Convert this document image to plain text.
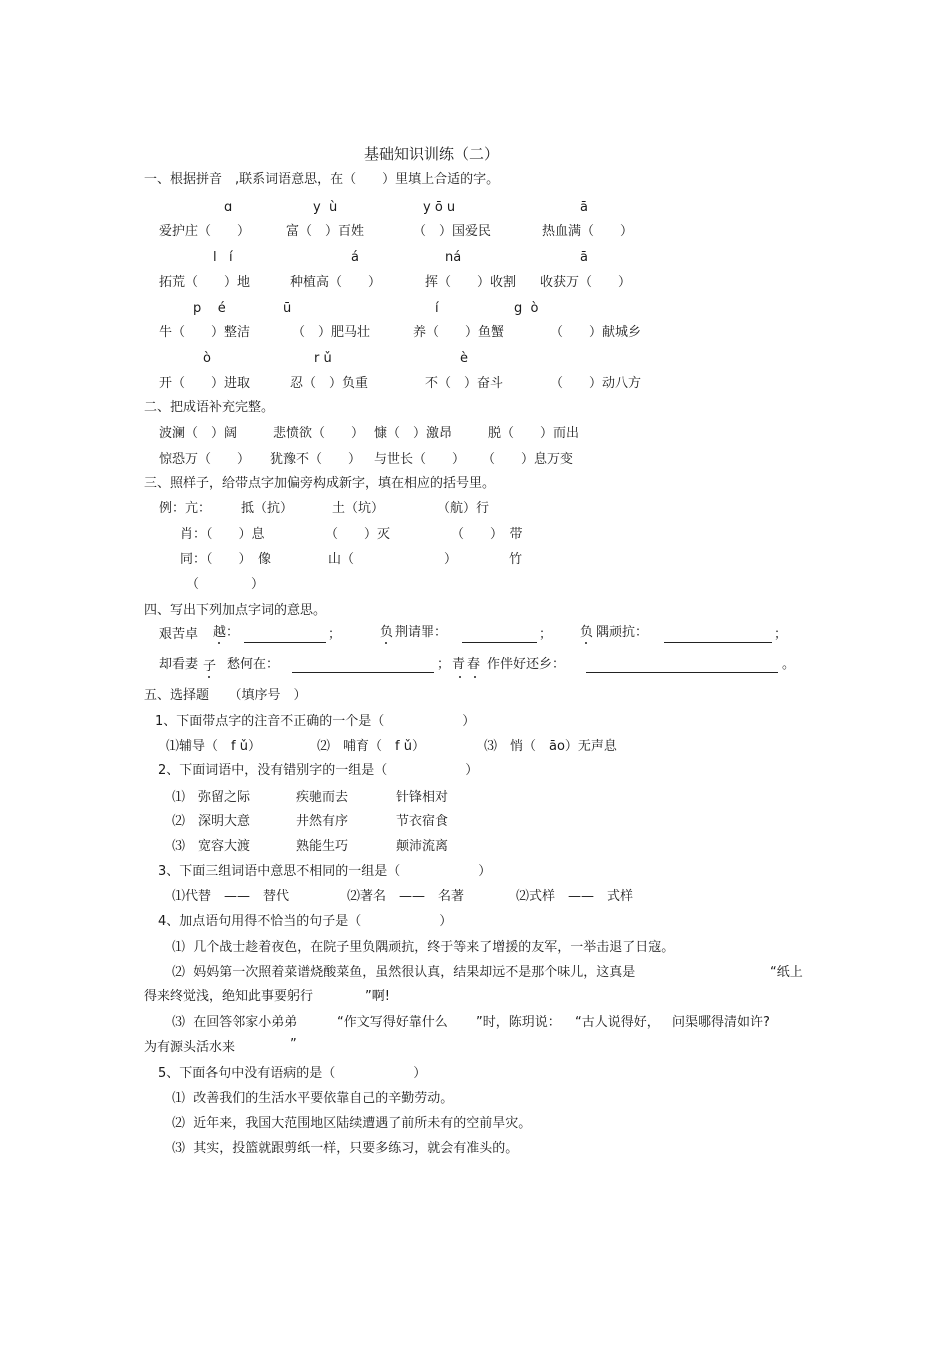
基础知识训练（二）
一、根据拼音　,联系词语意思，在（　　）里填上合适的字。
ɑ	y  ù	y ō u	ā
爱护庄（　　）	富（　）百姓	（　）国爱民	热血满（　　）
l   í	á	ná	ā
拓荒（　　）地	种植高（　　）	挥（　　）收割 收获万（　　）
p    é	ū	í	g  ò
牛（　　）整洁	（　）肥马壮	养（　　）鱼蟹	（　　）献城乡
ò	r ǔ	è
开（　　）进取	忍（　）负重	不（　）奋斗	（　　）动八方
二、把成语补充完整。
波澜（　）阔	悲愤欲（　　） 慷（　）激昂	脱（　　）而出
惊恐万（　　） 犹豫不（　　） 与世长（　　） （　　）息万变
三、照样子，给带点字加偏旁构成新字，填在相应的括号里。
例：亢： 抵（抗）	土（坑）	（航）行
肖：（　　）息	（　　）灭	（　　）　带
同：（　　）　像	山（	）	竹
（　　　　）
四、写出下列加点字词的意思。
艰苦卓 越：	；	负 荆请罪：	； 负 隅顽抗：	；
却看妻 子 愁何在：	； 青 春 作伴好还乡：	。
五、选择题　　（填序号　）
1、下面带点字的注音不正确的一个是（　　　　　　）
⑴辅导（　f ǔ）	⑵　哺育（　f ǔ）	⑶　悄（　āo）无声息
2、下面词语中，没有错别字的一组是（　　　　　　）
⑴ 弥留之际	疾驰而去	针锋相对
⑵ 深明大意	井然有序	节衣宿食
⑶ 宽容大渡	熟能生巧	颠沛流离
3、下面三组词语中意思不相同的一组是（　　　　　　）
⑴代替　——　替代	⑵著名　——　名著	⑵式样　——　式样
4、加点语句用得不恰当的句子是（　　　　　　）
⑴  几个战士趁着夜色，在院子里负隅顽抗，终于等来了增援的友军，一举击退了日寇。
⑵  妈妈第一次照着菜谱烧酸菜鱼，虽然很认真，结果却远不是那个味儿，这真是	“纸上
得来终觉浅，绝知此事要躬行	”啊!
⑶  在回答邻家小弟弟	“作文写得好靠什么 ”时，陈玥说： “古人说得好， 问渠哪得清如许?
为有源头活水来	”
5、下面各句中没有语病的是（　　　　　　）
⑴  改善我们的生活水平要依靠自己的辛勤劳动。
⑵  近年来，我国大范围地区陆续遭遇了前所未有的空前旱灾。
⑶  其实，投篮就跟剪纸一样，只要多练习，就会有准头的。
